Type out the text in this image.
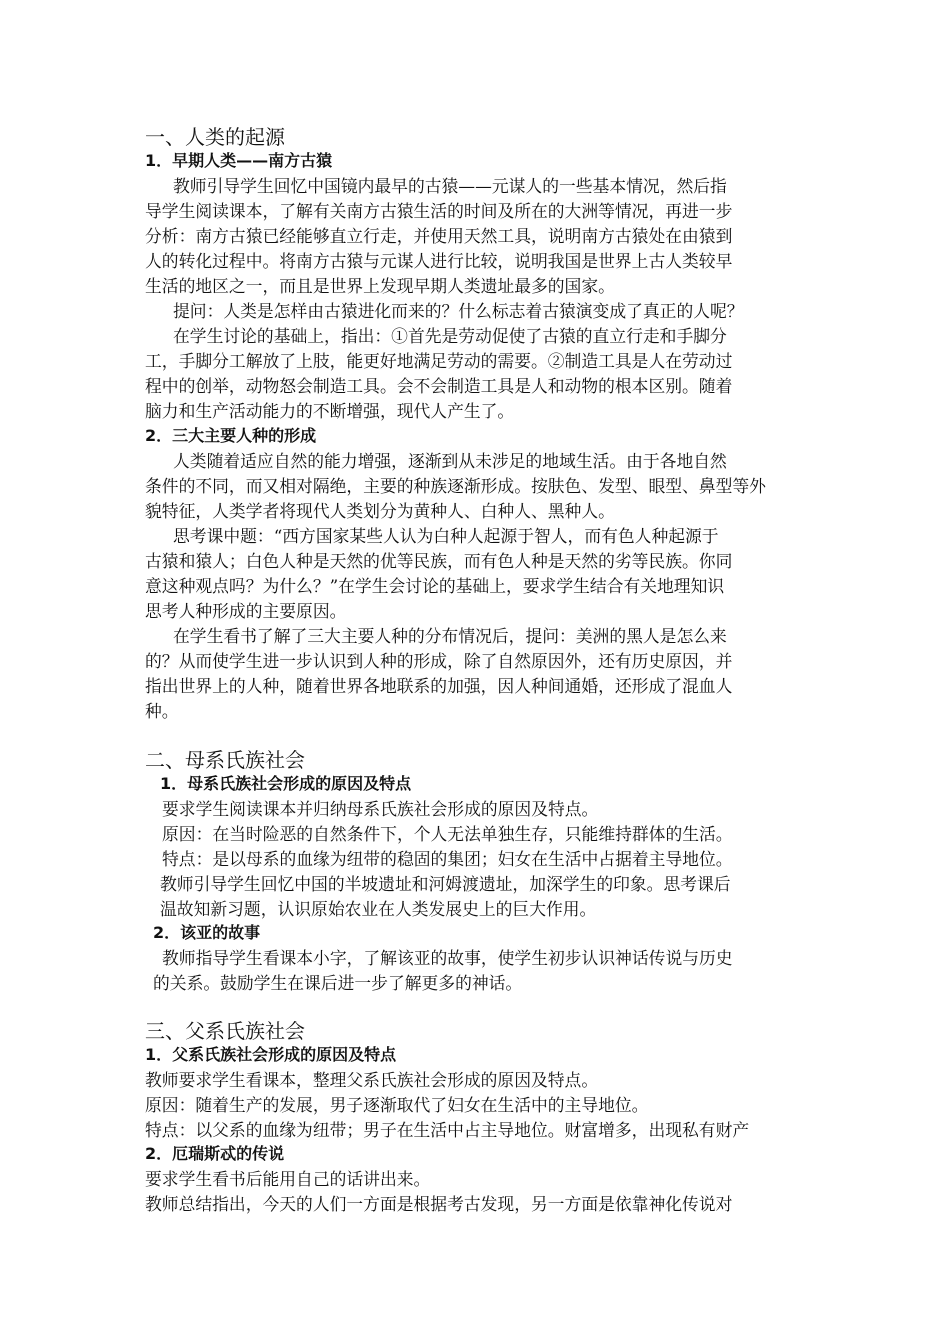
一、人类的起源
1．早期人类——南方古猿
教师引导学生回忆中国镜内最早的古猿——元谋人的一些基本情况，然后指
导学生阅读课本，了解有关南方古猿生活的时间及所在的大洲等情况，再进一步
分析：南方古猿已经能够直立行走，并使用天然工具，说明南方古猿处在由猿到
人的转化过程中。将南方古猿与元谋人进行比较，说明我国是世界上古人类较早
生活的地区之一，而且是世界上发现早期人类遗址最多的国家。
提问：人类是怎样由古猿进化而来的？什么标志着古猿演变成了真正的人呢？
在学生讨论的基础上，指出：①首先是劳动促使了古猿的直立行走和手脚分
工，手脚分工解放了上肢，能更好地满足劳动的需要。②制造工具是人在劳动过
程中的创举，动物怒会制造工具。会不会制造工具是人和动物的根本区别。随着
脑力和生产活动能力的不断增强，现代人产生了。
2．三大主要人种的形成
人类随着适应自然的能力增强，逐渐到从未涉足的地域生活。由于各地自然
条件的不同，而又相对隔绝，主要的种族逐渐形成。按肤色、发型、眼型、鼻型等外
貌特征，人类学者将现代人类划分为黄种人、白种人、黑种人。
思考课中题：“西方国家某些人认为白种人起源于智人，而有色人种起源于
古猿和猿人；白色人种是天然的优等民族，而有色人种是天然的劣等民族。你同
意这种观点吗？为什么？”在学生会讨论的基础上，要求学生结合有关地理知识
思考人种形成的主要原因。
在学生看书了解了三大主要人种的分布情况后，提问：美洲的黑人是怎么来
的？从而使学生进一步认识到人种的形成，除了自然原因外，还有历史原因，并
指出世界上的人种，随着世界各地联系的加强，因人种间通婚，还形成了混血人
种。
二、母系氏族社会
1．母系氏族社会形成的原因及特点
要求学生阅读课本并归纳母系氏族社会形成的原因及特点。
原因：在当时险恶的自然条件下，个人无法单独生存，只能维持群体的生活。
特点：是以母系的血缘为纽带的稳固的集团；妇女在生活中占据着主导地位。
教师引导学生回忆中国的半坡遗址和河姆渡遗址，加深学生的印象。思考课后
温故知新习题，认识原始农业在人类发展史上的巨大作用。
2．该亚的故事
教师指导学生看课本小字，了解该亚的故事，使学生初步认识神话传说与历史
的关系。鼓励学生在课后进一步了解更多的神话。
三、父系氏族社会
1．父系氏族社会形成的原因及特点
教师要求学生看课本，整理父系氏族社会形成的原因及特点。
原因：随着生产的发展，男子逐渐取代了妇女在生活中的主导地位。
特点：以父系的血缘为纽带；男子在生活中占主导地位。财富增多，出现私有财产
2．厄瑞斯忒的传说
要求学生看书后能用自己的话讲出来。
教师总结指出，今天的人们一方面是根据考古发现，另一方面是依靠神化传说对
